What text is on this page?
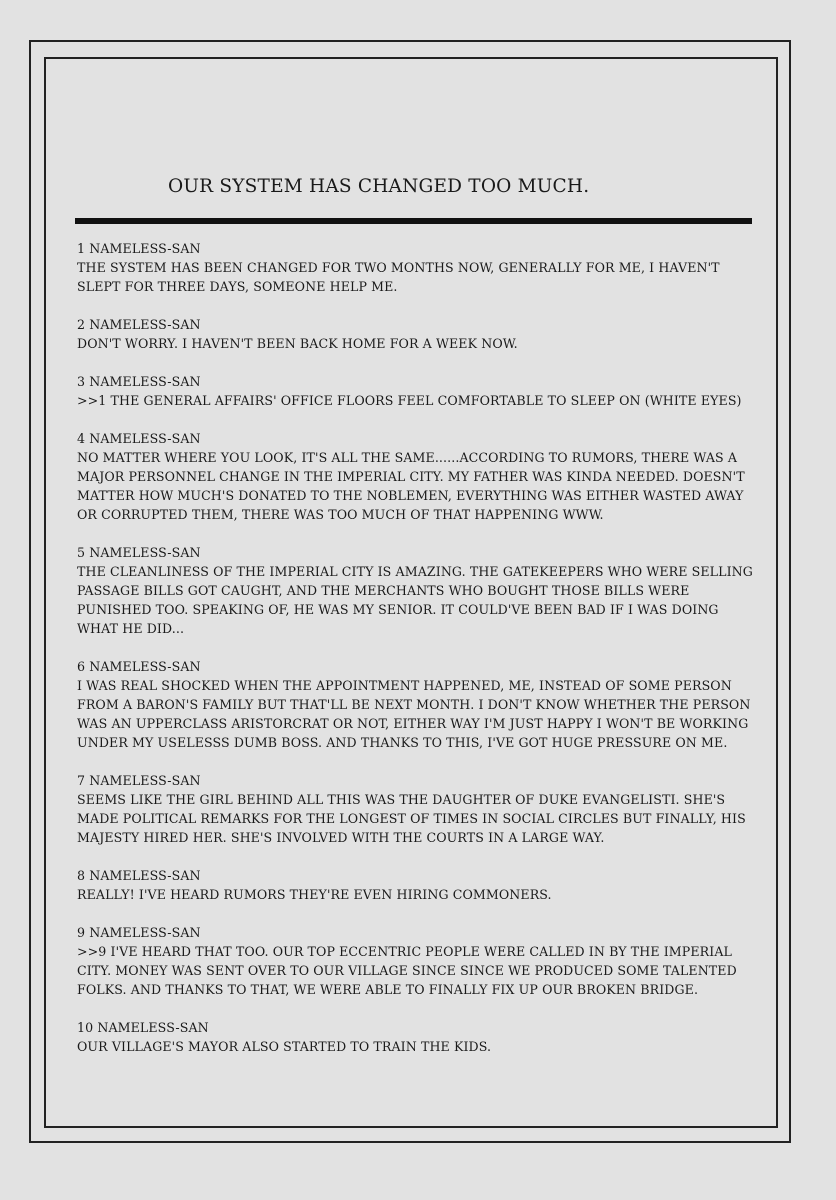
OUR SYSTEM HAS CHANGED TOO MUCH.
1 NAMELESS-SAN
THE SYSTEM HAS BEEN CHANGED FOR TWO MONTHS NOW, GENERALLY FOR ME, I HAVEN'T SLEPT FOR THREE DAYS, SOMEONE HELP ME.
2 NAMELESS-SAN
DON'T WORRY. I HAVEN'T BEEN BACK HOME FOR A WEEK NOW.
3 NAMELESS-SAN
>>1 THE GENERAL AFFAIRS' OFFICE FLOORS FEEL COMFORTABLE TO SLEEP ON (WHITE EYES)
4 NAMELESS-SAN
NO MATTER WHERE YOU LOOK, IT'S ALL THE SAME......ACCORDING TO RUMORS, THERE WAS A MAJOR PERSONNEL CHANGE IN THE IMPERIAL CITY. MY FATHER WAS KINDA NEEDED. DOESN'T MATTER HOW MUCH'S DONATED TO THE NOBLEMEN, EVERYTHING WAS EITHER WASTED AWAY OR CORRUPTED THEM, THERE WAS TOO MUCH OF THAT HAPPENING WWW.
5 NAMELESS-SAN
THE CLEANLINESS OF THE IMPERIAL CITY IS AMAZING. THE GATEKEEPERS WHO WERE SELLING PASSAGE BILLS GOT CAUGHT, AND THE MERCHANTS WHO BOUGHT THOSE BILLS WERE PUNISHED TOO. SPEAKING OF, HE WAS MY SENIOR. IT COULD'VE BEEN BAD IF I WAS DOING WHAT HE DID...
6 NAMELESS-SAN
I WAS REAL SHOCKED WHEN THE APPOINTMENT HAPPENED, ME, INSTEAD OF SOME PERSON FROM A BARON'S FAMILY BUT THAT'LL BE NEXT MONTH. I DON'T KNOW WHETHER THE PERSON WAS AN UPPERCLASS ARISTORCRAT OR NOT, EITHER WAY I'M JUST HAPPY I WON'T BE WORKING UNDER MY USELESSS DUMB BOSS. AND THANKS TO THIS, I'VE GOT HUGE PRESSURE ON ME.
7 NAMELESS-SAN
SEEMS LIKE THE GIRL BEHIND ALL THIS WAS THE DAUGHTER OF DUKE EVANGELISTI. SHE'S MADE POLITICAL REMARKS FOR THE LONGEST OF TIMES IN SOCIAL CIRCLES BUT FINALLY, HIS MAJESTY HIRED HER. SHE'S INVOLVED WITH THE COURTS IN A LARGE WAY.
8 NAMELESS-SAN
REALLY! I'VE HEARD RUMORS THEY'RE EVEN HIRING COMMONERS.
9 NAMELESS-SAN
>>9 I'VE HEARD THAT TOO. OUR TOP ECCENTRIC PEOPLE WERE CALLED IN BY THE IMPERIAL CITY. MONEY WAS SENT OVER TO OUR VILLAGE SINCE SINCE WE PRODUCED SOME TALENTED FOLKS. AND THANKS TO THAT, WE WERE ABLE TO FINALLY FIX UP OUR BROKEN BRIDGE.
10 NAMELESS-SAN
OUR VILLAGE'S MAYOR ALSO STARTED TO TRAIN THE KIDS.
